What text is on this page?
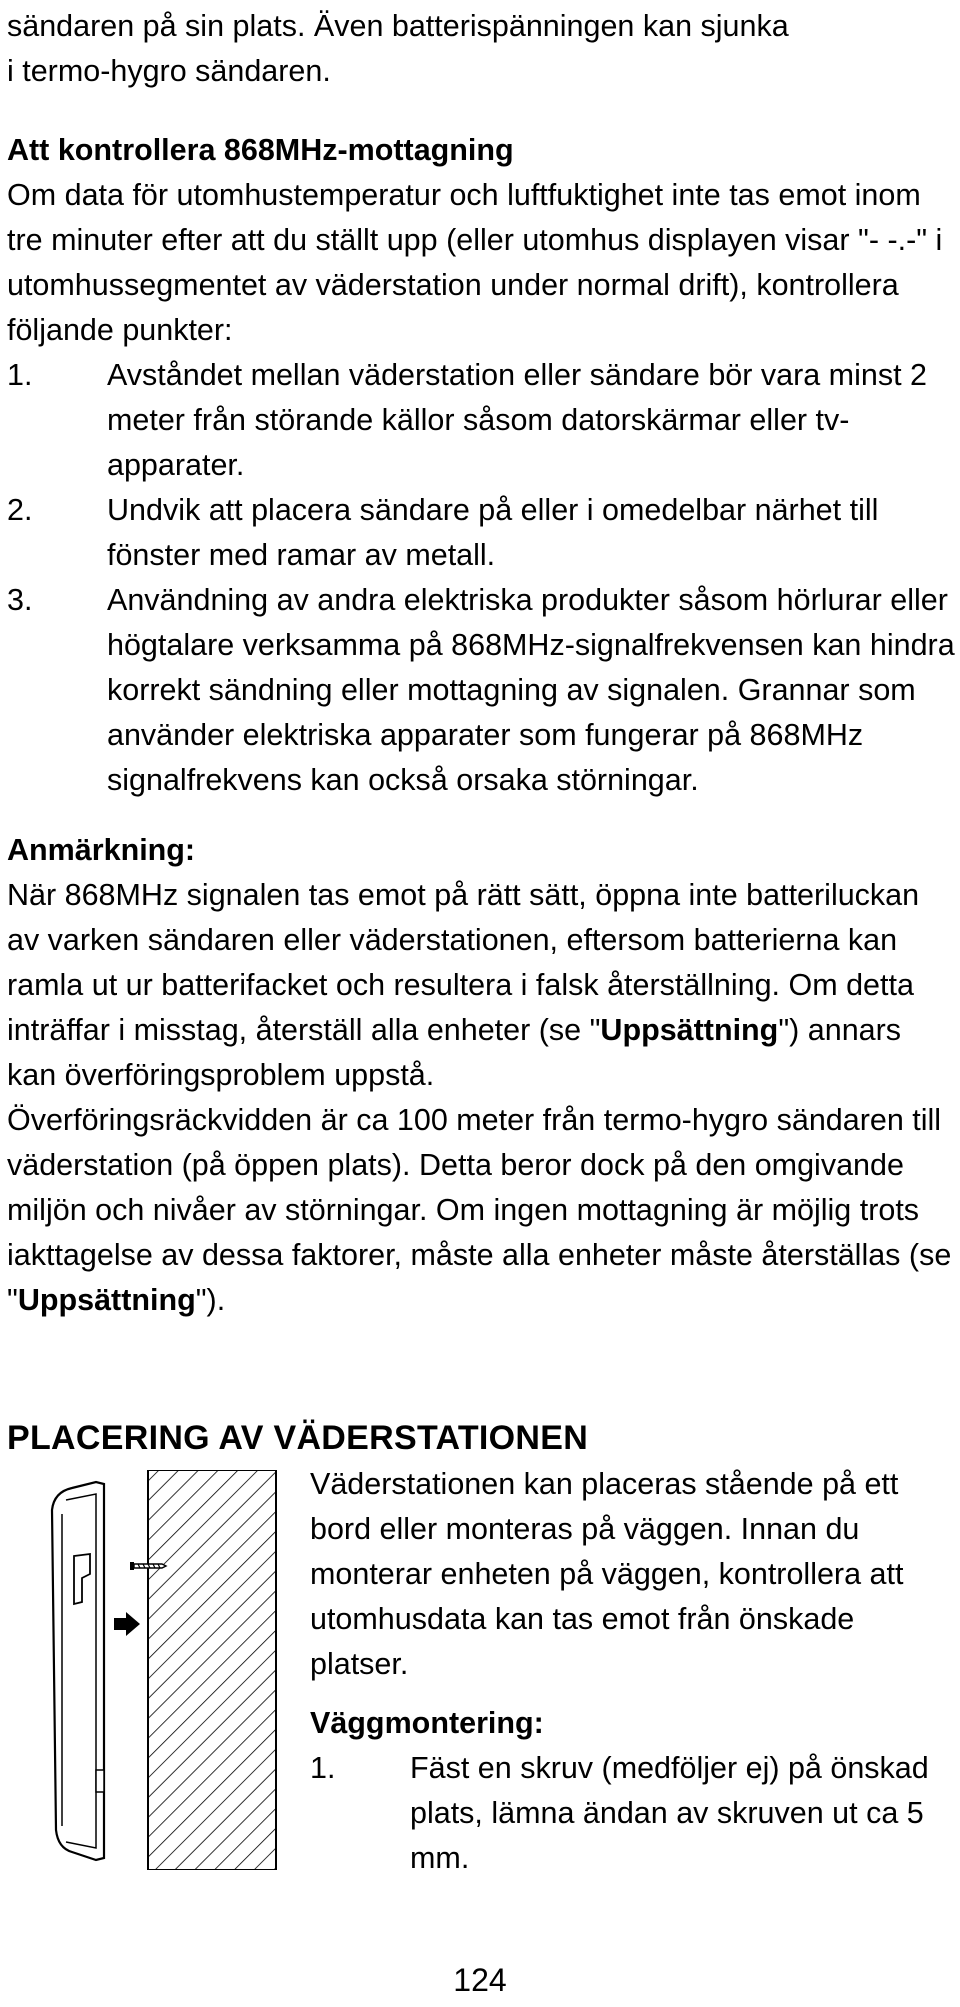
sändaren på sin plats. Även batterispänningen kan sjunka
i termo-hygro sändaren.
Att kontrollera 868MHz-mottagning
Om data för utomhustemperatur och luftfuktighet inte tas emot inom tre minuter efter att du ställt upp (eller utomhus displayen visar "- -.-" i utomhussegmentet av väderstation under normal drift), kontrollera följande punkter:
1. Avståndet mellan väderstation eller sändare bör vara minst 2 meter från störande källor såsom datorskärmar eller tv-apparater.
2. Undvik att placera sändare på eller i omedelbar närhet till fönster med ramar av metall.
3. Användning av andra elektriska produkter såsom hörlurar eller högtalare verksamma på 868MHz-signalfrekvensen kan hindra korrekt sändning eller mottagning av signalen. Grannar som använder elektriska apparater som fungerar på 868MHz signalfrekvens kan också orsaka störningar.
Anmärkning:
När 868MHz signalen tas emot på rätt sätt, öppna inte batteriluckan av varken sändaren eller väderstationen, eftersom batterierna kan ramla ut ur batterifacket och resultera i falsk återställning. Om detta inträffar i misstag, återställ alla enheter (se "Uppsättning") annars kan överföringsproblem uppstå.
Överföringsräckvidden är ca 100 meter från termo-hygro sändaren till väderstation (på öppen plats). Detta beror dock på den omgivande miljön och nivåer av störningar. Om ingen mottagning är möjlig trots iakttagelse av dessa faktorer, måste alla enheter måste återställas (se "Uppsättning").
PLACERING AV VÄDERSTATIONEN
Väderstationen kan placeras stående på ett bord eller monteras på väggen. Innan du monterar enheten på väggen, kontrollera att utomhusdata kan tas emot från önskade platser.
Väggmontering:
1. Fäst en skruv (medföljer ej) på önskad plats, lämna ändan av skruven ut ca 5 mm.
124
